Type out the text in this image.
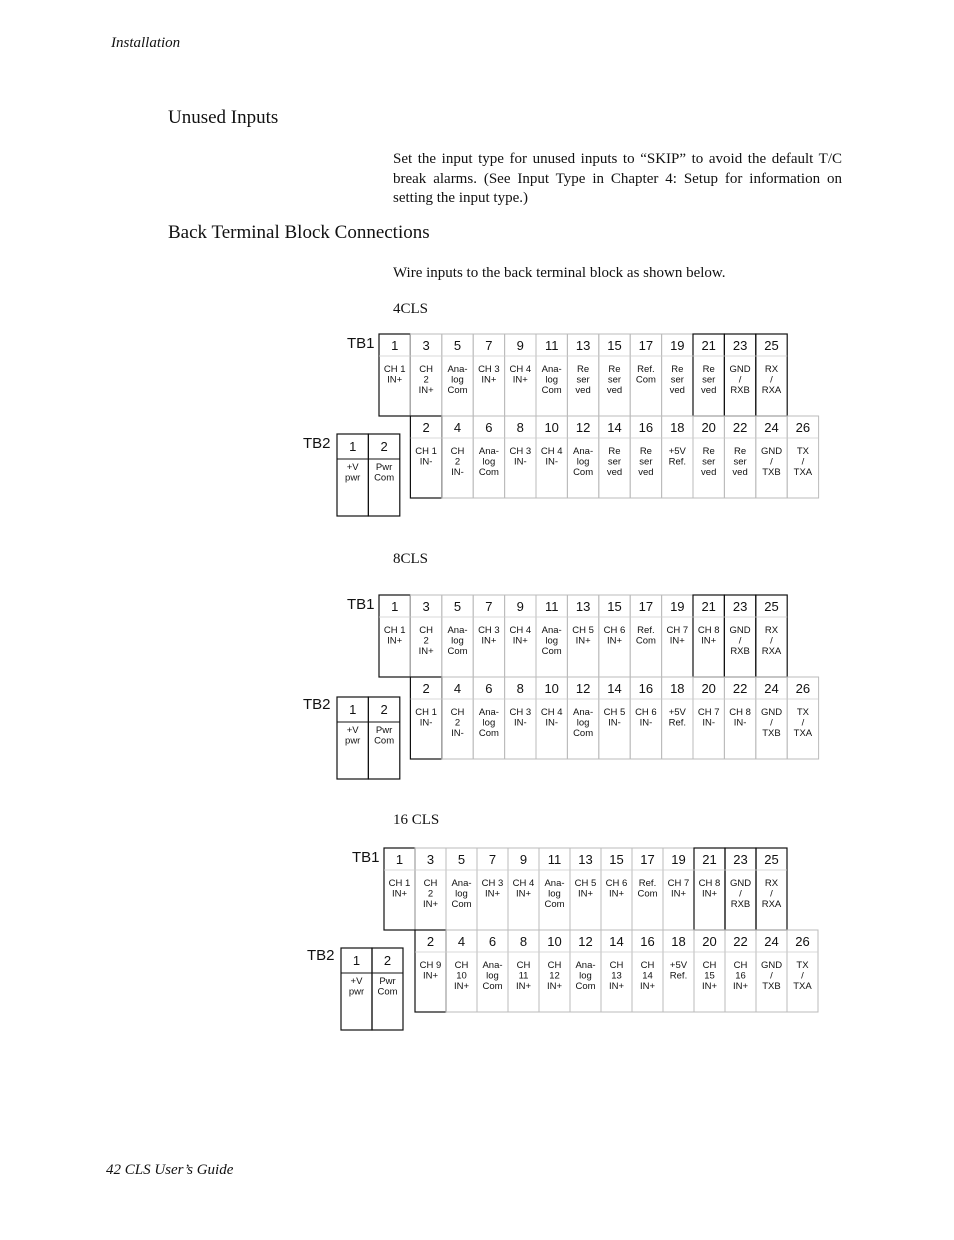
Installation
Unused Inputs
Set the input type for unused inputs to “SKIP” to avoid the default T/C break alarms. (See Input Type in Chapter 4: Setup for information on setting the input type.)
Back Terminal Block Connections
Wire inputs to the back terminal block as shown below.
4CLS
8CLS
16 CLS
TB1
TB2
1
CH 1
IN+
3
CH
2
IN+
5
Ana-
log
Com
7
CH 3
IN+
9
CH 4
IN+
11
Ana-
log
Com
13
Re
ser
ved
15
Re
ser
ved
17
Ref.
Com
19
Re
ser
ved
21
Re
ser
ved
23
GND
/
RXB
25
RX
/
RXA
2
CH 1
IN-
4
CH
2
IN-
6
Ana-
log
Com
8
CH 3
IN-
10
CH 4
IN-
12
Ana-
log
Com
14
Re
ser
ved
16
Re
ser
ved
18
+5V
Ref.
20
Re
ser
ved
22
Re
ser
ved
24
GND
/
TXB
26
TX
/
TXA
1
+V
pwr
2
Pwr
Com
TB1
TB2
1
CH 1
IN+
3
CH
2
IN+
5
Ana-
log
Com
7
CH 3
IN+
9
CH 4
IN+
11
Ana-
log
Com
13
CH 5
IN+
15
CH 6
IN+
17
Ref.
Com
19
CH 7
IN+
21
CH 8
IN+
23
GND
/
RXB
25
RX
/
RXA
2
CH 1
IN-
4
CH
2
IN-
6
Ana-
log
Com
8
CH 3
IN-
10
CH 4
IN-
12
Ana-
log
Com
14
CH 5
IN-
16
CH 6
IN-
18
+5V
Ref.
20
CH 7
IN-
22
CH 8
IN-
24
GND
/
TXB
26
TX
/
TXA
1
+V
pwr
2
Pwr
Com
TB1
TB2
1
CH 1
IN+
3
CH
2
IN+
5
Ana-
log
Com
7
CH 3
IN+
9
CH 4
IN+
11
Ana-
log
Com
13
CH 5
IN+
15
CH 6
IN+
17
Ref.
Com
19
CH 7
IN+
21
CH 8
IN+
23
GND
/
RXB
25
RX
/
RXA
2
CH 9
IN+
4
CH
10
IN+
6
Ana-
log
Com
8
CH
11
IN+
10
CH
12
IN+
12
Ana-
log
Com
14
CH
13
IN+
16
CH
14
IN+
18
+5V
Ref.
20
CH
15
IN+
22
CH
16
IN+
24
GND
/
TXB
26
TX
/
TXA
1
+V
pwr
2
Pwr
Com
42 CLS User’s Guide
